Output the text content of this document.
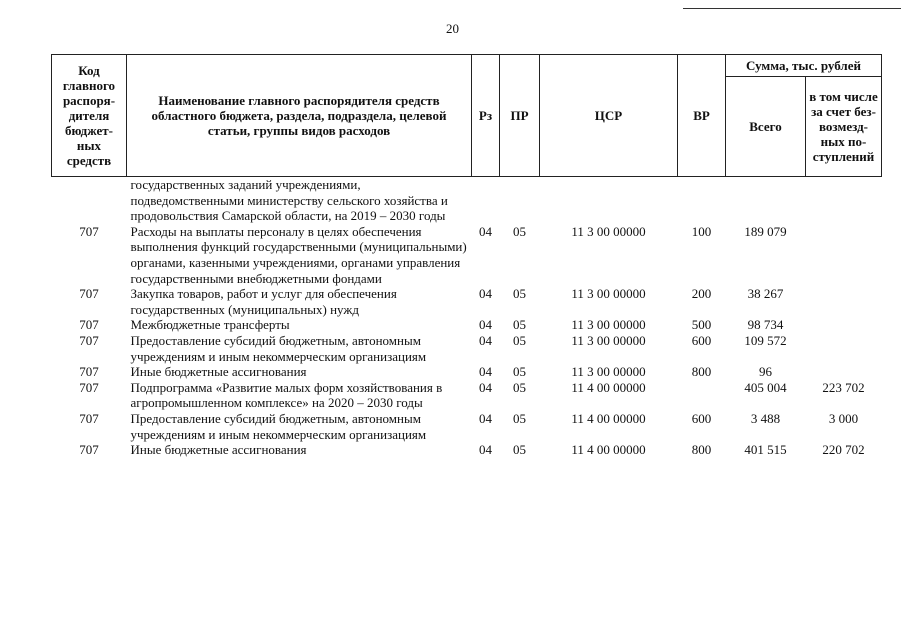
20
Код главного распоря- дителя бюджет- ных средств	Наименование главного распорядителя средств областного бюджета, раздела, подраздела, целевой статьи, группы видов расходов	Рз	ПР	ЦСР	ВР	Сумма, тыс. рублей	
						Всего	в том числе за счет без- возмезд- ных по- ступлений
	государственных заданий учреждениями, подведомственными министерству сельского хозяйства и продовольствия Самарской области, на 2019 – 2030 годы						
707	Расходы на выплаты персоналу в целях обеспечения выполнения функций государственными (муниципальными) органами, казенными учреждениями, органами управления государственными внебюджетными фондами	04	05	11 3 00 00000	100	189 079	
707	Закупка товаров, работ и услуг для обеспечения государственных (муниципальных) нужд	04	05	11 3 00 00000	200	38 267	
707	Межбюджетные трансферты	04	05	11 3 00 00000	500	98 734	
707	Предоставление субсидий бюджетным, автономным учреждениям и иным некоммерческим организациям	04	05	11 3 00 00000	600	109 572	
707	Иные бюджетные ассигнования	04	05	11 3 00 00000	800	96	
707	Подпрограмма «Развитие малых форм хозяйствования в агропромышленном комплексе» на 2020 – 2030 годы	04	05	11 4 00 00000		405 004	223 702
707	Предоставление субсидий бюджетным, автономным учреждениям и иным некоммерческим организациям	04	05	11 4 00 00000	600	3 488	3 000
707	Иные бюджетные ассигнования	04	05	11 4 00 00000	800	401 515	220 702
